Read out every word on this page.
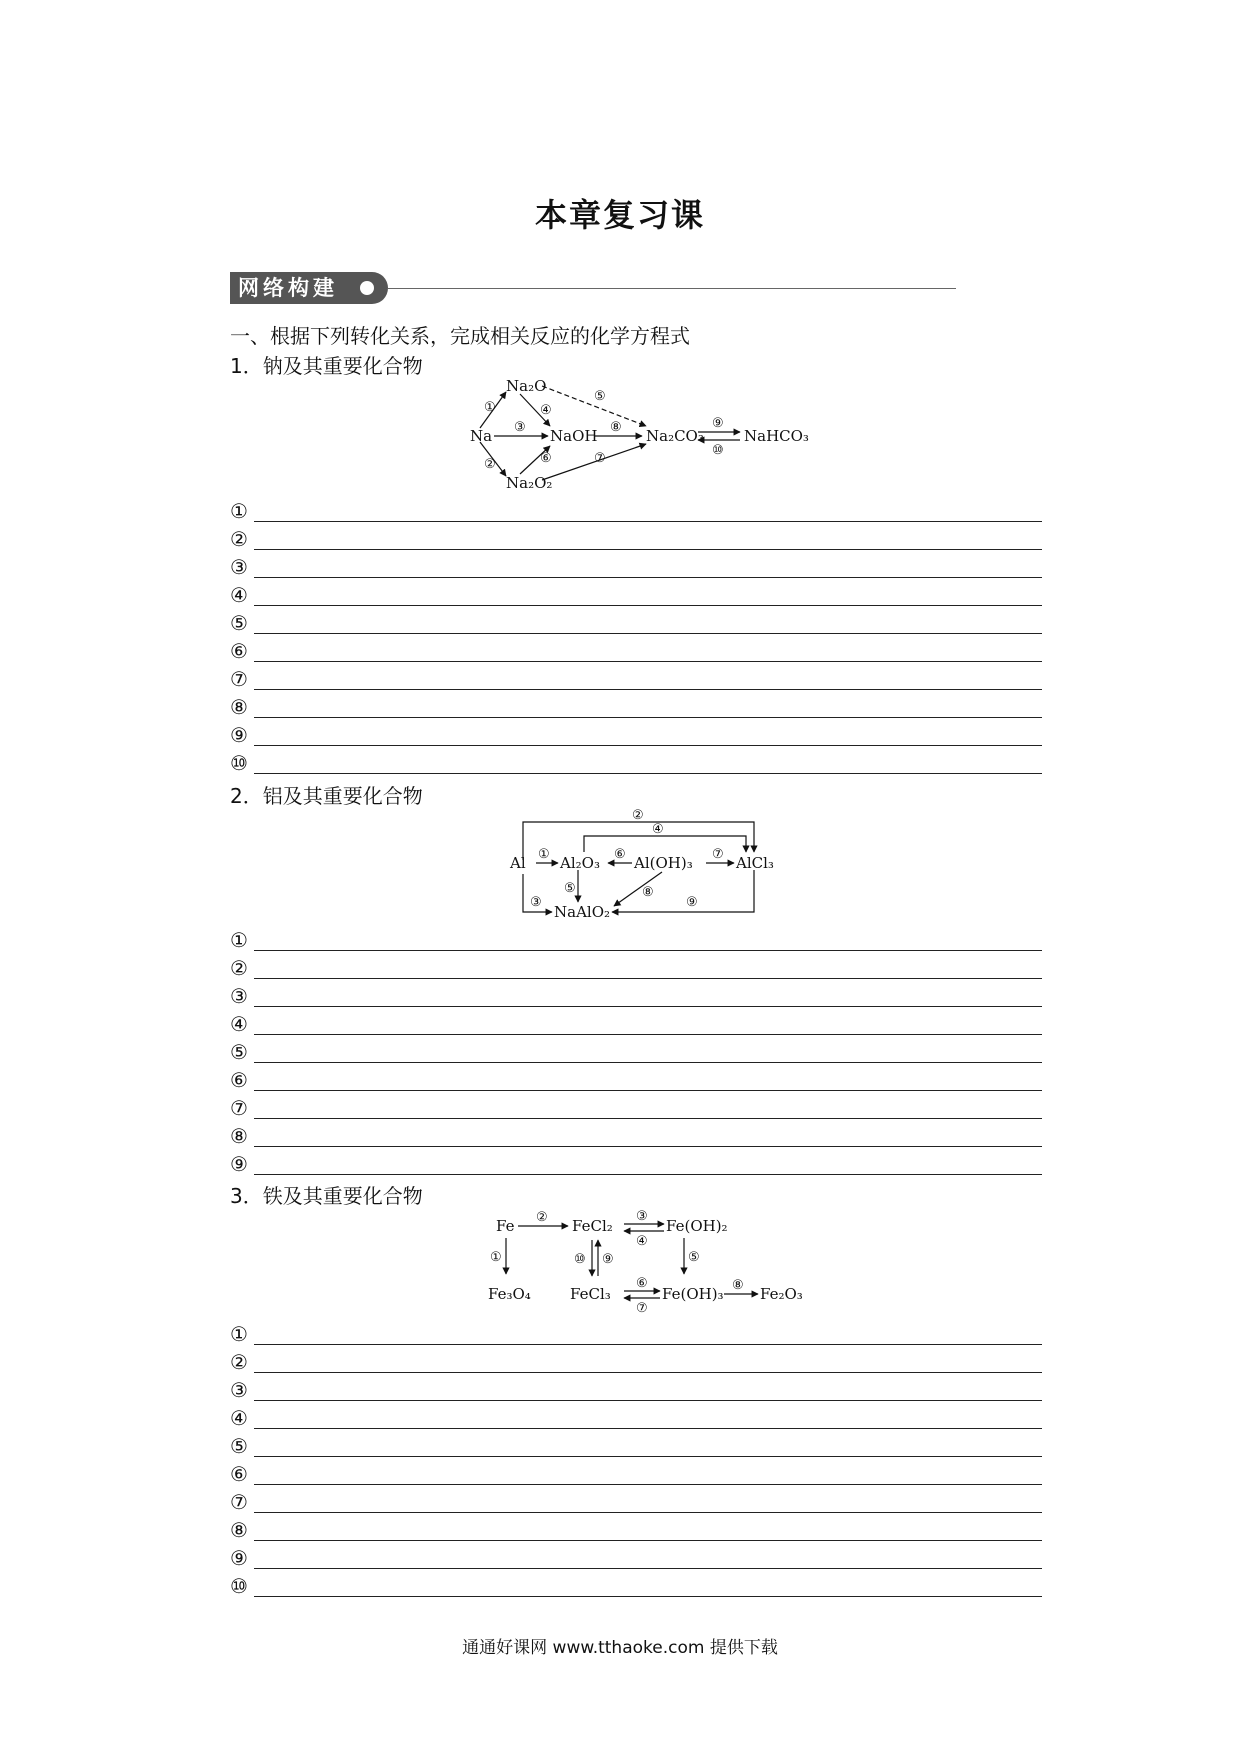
本章复习课
网络构建
一、根据下列转化关系，完成相关反应的化学方程式
1．钠及其重要化合物
Na
Na₂O
NaOH	Na₂CO₃	NaHCO₃
Na₂O₂
①
②
③
④
⑤
⑥	⑦
⑧	⑨
⑩
①
②
③
④
⑤
⑥
⑦
⑧
⑨
⑩
2．铝及其重要化合物
Al Al₂O₃ Al(OH)₃	AlCl₃
NaAlO₂
①
②
③
④
⑤
⑥	⑦
⑧
⑨
①
②
③
④
⑤
⑥
⑦
⑧
⑨
3．铁及其重要化合物
Fe	FeCl₂	Fe(OH)₂
Fe₃O₄	FeCl₃	Fe(OH)₃ Fe₂O₃
①
②	③
④
⑤
⑥
⑦
⑧
⑨
⑩
①
②
③
④
⑤
⑥
⑦
⑧
⑨
⑩
通通好课网 www.tthaoke.com 提供下载
